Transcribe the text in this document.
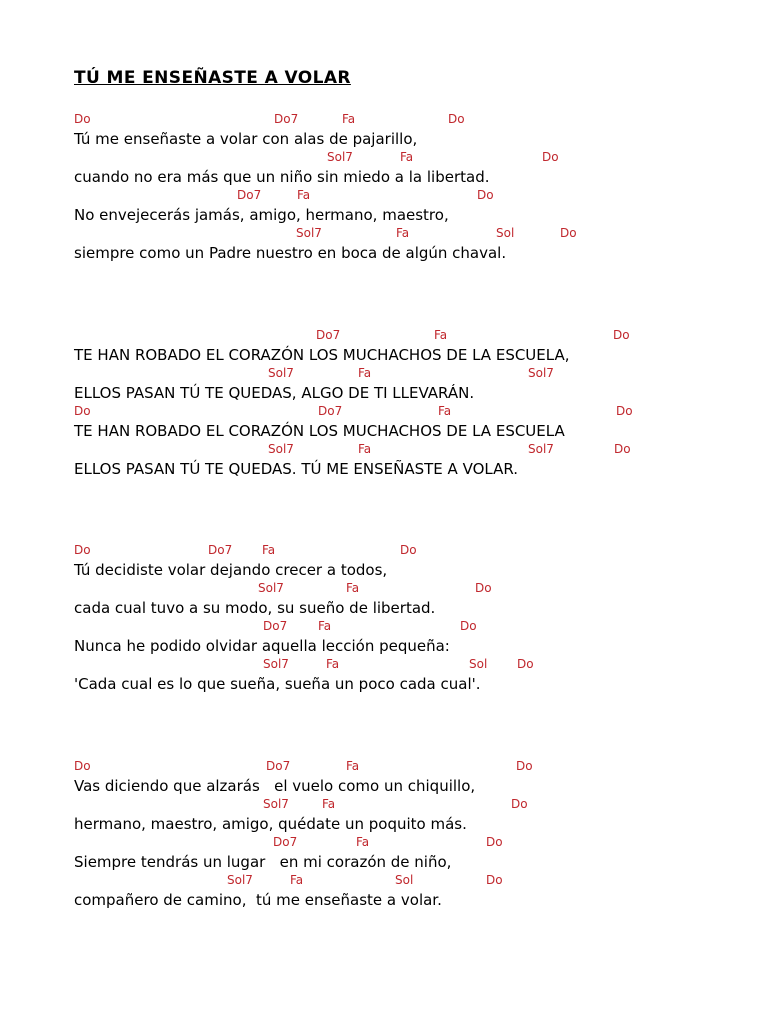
TÚ ME ENSEÑASTE A VOLAR
Do	Do7	Fa	Do
Tú me enseñaste a volar con alas de pajarillo,
Sol7	Fa	Do
cuando no era más que un niño sin miedo a la libertad.
Do7	Fa	Do
No envejecerás jamás, amigo, hermano, maestro,
Sol7	Fa	Sol	Do
siempre como un Padre nuestro en boca de algún chaval.
Do7	Fa	Do
TE HAN ROBADO EL CORAZÓN LOS MUCHACHOS DE LA ESCUELA,
Sol7	Fa	Sol7
ELLOS PASAN TÚ TE QUEDAS, ALGO DE TI LLEVARÁN.
Do	Do7	Fa	Do
TE HAN ROBADO EL CORAZÓN LOS MUCHACHOS DE LA ESCUELA
Sol7	Fa	Sol7	Do
ELLOS PASAN TÚ TE QUEDAS. TÚ ME ENSEÑASTE A VOLAR.
Do	Do7 Fa	Do
Tú decidiste volar dejando crecer a todos,
Sol7	Fa	Do
cada cual tuvo a su modo, su sueño de libertad.
Do7	Fa	Do
Nunca he podido olvidar aquella lección pequeña:
Sol7	Fa	Sol Do
'Cada cual es lo que sueña, sueña un poco cada cual'.
Do	Do7	Fa	Do
Vas diciendo que alzarás   el vuelo como un chiquillo,
Sol7	Fa	Do
hermano, maestro, amigo, quédate un poquito más.
Do7	Fa	Do
Siempre tendrás un lugar   en mi corazón de niño,
Sol7	Fa	Sol	Do
compañero de camino,  tú me enseñaste a volar.
